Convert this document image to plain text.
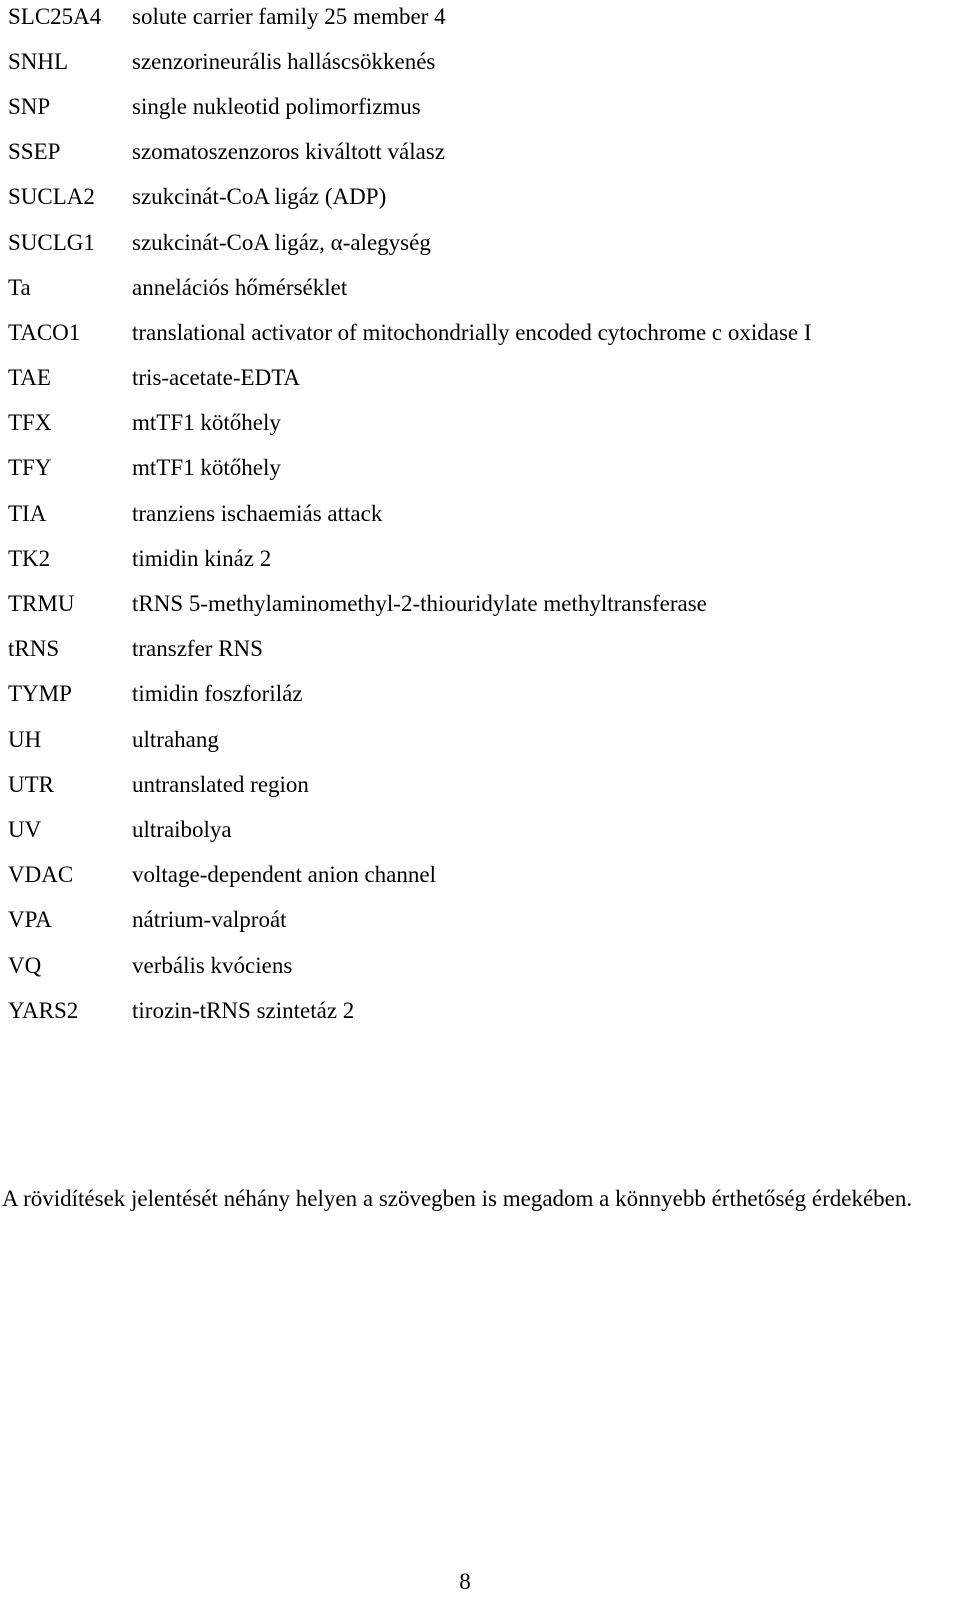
SLC25A4	solute carrier family 25 member 4
SNHL	szenzorineurális halláscsökkenés
SNP	single nukleotid polimorfizmus
SSEP	szomatoszenzoros kiváltott válasz
SUCLA2	szukcinát-CoA ligáz (ADP)
SUCLG1	szukcinát-CoA ligáz, α-alegység
Ta	annelációs hőmérséklet
TACO1	translational activator of mitochondrially encoded cytochrome c oxidase I
TAE	tris-acetate-EDTA
TFX	mtTF1 kötőhely
TFY	mtTF1 kötőhely
TIA	tranziens ischaemiás attack
TK2	timidin kináz 2
TRMU	tRNS 5-methylaminomethyl-2-thiouridylate methyltransferase
tRNS	transzfer RNS
TYMP	timidin foszforiláz
UH	ultrahang
UTR	untranslated region
UV	ultraibolya
VDAC	voltage-dependent anion channel
VPA	nátrium-valproát
VQ	verbális kvóciens
YARS2	tirozin-tRNS szintetáz 2

A rövidítések jelentését néhány helyen a szövegben is megadom a könnyebb érthetőség érdekében.

8
